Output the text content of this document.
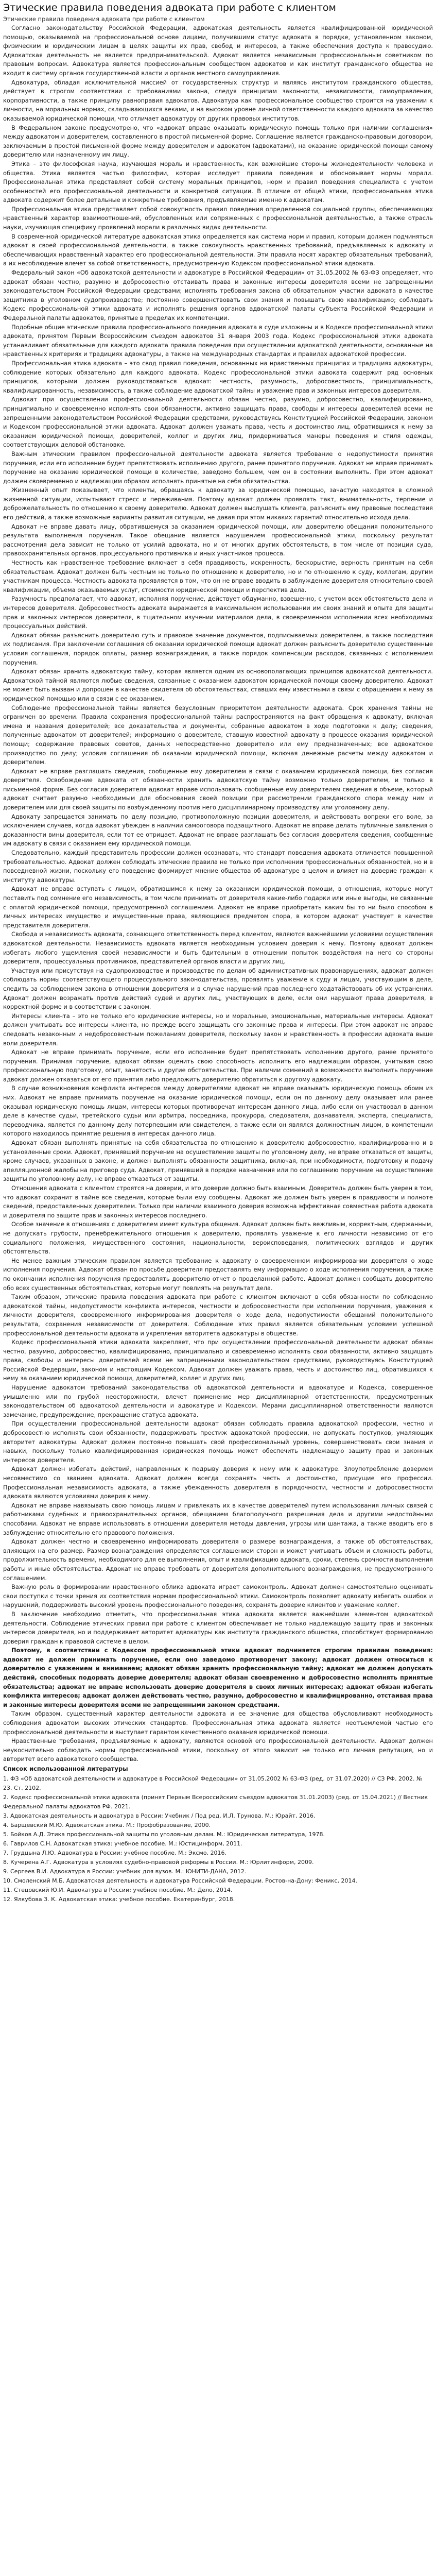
Этические правила поведения адвоката при работе с клиентом
Этические правила поведения адвоката при работе с клиентом

Согласно законодательству Российской Федерации, адвокатская деятельность является квалифицированной юридической помощью, оказываемой на профессиональной основе лицами, получившими статус адвоката в порядке, установленном законом, физическим и юридическим лицам в целях защиты их прав, свобод и интересов, а также обеспечения доступа к правосудию. Адвокатская деятельность не является предпринимательской. Адвокат является независимым профессиональным советником по правовым вопросам. Адвокатура является профессиональным сообществом адвокатов и как институт гражданского общества не входит в систему органов государственной власти и органов местного самоуправления.

Адвокатура, обладая исключительной миссией от государственных структур и являясь институтом гражданского общества, действует в строгом соответствии с требованиями закона, следуя принципам законности, независимости, самоуправления, корпоративности, а также принципу равноправия адвокатов. Адвокатура как профессиональное сообщество строится на уважении к личности, на моральных нормах, складывающихся веками, и на высоком уровне личной ответственности каждого адвоката за качество оказываемой юридической помощи, что отличает адвокатуру от других правовых институтов.

В Федеральном законе предусмотрено, что «адвокат вправе оказывать юридическую помощь только при наличии соглашения» между адвокатом и доверителем, составленного в простой письменной форме. Соглашение является гражданско-правовым договором, заключаемым в простой письменной форме между доверителем и адвокатом (адвокатами), на оказание юридической помощи самому доверителю или назначенному им лицу.

Этика – это философская наука, изучающая мораль и нравственность, как важнейшие стороны жизнедеятельности человека и общества. Этика является частью философии, которая исследует правила поведения и обосновывает нормы морали. Профессиональная этика представляет собой систему моральных принципов, норм и правил поведения специалиста с учетом особенностей его профессиональной деятельности и конкретной ситуации. В отличие от общей этики, профессиональная этика адвоката содержит более детальные и конкретные требования, предъявляемые именно к адвокатам.

Профессиональная этика представляет собой совокупность правил поведения определенной социальной группы, обеспечивающих нравственный характер взаимоотношений, обусловленных или сопряженных с профессиональной деятельностью, а также отрасль науки, изучающая специфику проявлений морали в различных видах деятельности.

В современной юридической литературе адвокатская этика определяется как система норм и правил, которым должен подчиняться адвокат в своей профессиональной деятельности, а также совокупность нравственных требований, предъявляемых к адвокату и обеспечивающих нравственный характер его профессиональной деятельности. Эти правила носят характер обязательных требований, а их несоблюдение влечет за собой ответственность, предусмотренную Кодексом профессиональной этики адвоката.

Федеральный закон «Об адвокатской деятельности и адвокатуре в Российской Федерации» от 31.05.2002 № 63-ФЗ определяет, что адвокат обязан честно, разумно и добросовестно отстаивать права и законные интересы доверителя всеми не запрещенными законодательством Российской Федерации средствами; исполнять требования закона об обязательном участии адвоката в качестве защитника в уголовном судопроизводстве; постоянно совершенствовать свои знания и повышать свою квалификацию; соблюдать Кодекс профессиональной этики адвоката и исполнять решения органов адвокатской палаты субъекта Российской Федерации и Федеральной палаты адвокатов, принятые в пределах их компетенции.

Подобные общие этические правила профессионального поведения адвоката в суде изложены и в Кодексе профессиональной этики адвоката, принятом Первым Всероссийским съездом адвокатов 31 января 2003 года. Кодекс профессиональной этики адвоката устанавливает обязательные для каждого адвоката правила поведения при осуществлении адвокатской деятельности, основанные на нравственных критериях и традициях адвокатуры, а также на международных стандартах и правилах адвокатской профессии.

Профессиональная этика адвоката – это свод правил поведения, основанных на нравственных принципах и традициях адвокатуры, соблюдение которых обязательно для каждого адвоката. Кодекс профессиональной этики адвоката содержит ряд основных принципов, которыми должен руководствоваться адвокат: честность, разумность, добросовестность, принципиальность, квалифицированность, независимость, а также соблюдение адвокатской тайны и уважение прав и законных интересов доверителя.

Адвокат при осуществлении профессиональной деятельности обязан честно, разумно, добросовестно, квалифицированно, принципиально и своевременно исполнять свои обязанности, активно защищать права, свободы и интересы доверителей всеми не запрещенными законодательством Российской Федерации средствами, руководствуясь Конституцией Российской Федерации, законом и Кодексом профессиональной этики адвоката. Адвокат должен уважать права, честь и достоинство лиц, обратившихся к нему за оказанием юридической помощи, доверителей, коллег и других лиц, придерживаться манеры поведения и стиля одежды, соответствующих деловой обстановке.

Важным этическим правилом профессиональной деятельности адвоката является требование о недопустимости принятия поручения, если его исполнение будет препятствовать исполнению другого, ранее принятого поручения. Адвокат не вправе принимать поручение на оказание юридической помощи в количестве, заведомо большем, чем он в состоянии выполнить. При этом адвокат должен своевременно и надлежащим образом исполнять принятые на себя обязательства.

Жизненный опыт показывает, что клиенты, обращаясь к адвокату за юридической помощью, зачастую находятся в сложной жизненной ситуации, испытывают стресс и переживания. Поэтому адвокат должен проявлять такт, внимательность, терпение и доброжелательность по отношению к своему доверителю. Адвокат должен выслушать клиента, разъяснить ему правовые последствия его действий, а также возможные варианты развития ситуации, не давая при этом никаких гарантий относительно исхода дела.

Адвокат не вправе давать лицу, обратившемуся за оказанием юридической помощи, или доверителю обещания положительного результата выполнения поручения. Такое обещание является нарушением профессиональной этики, поскольку результат рассмотрения дела зависит не только от усилий адвоката, но и от многих других обстоятельств, в том числе от позиции суда, правоохранительных органов, процессуального противника и иных участников процесса.

Честность как нравственное требование включает в себя правдивость, искренность, бескорыстие, верность принятым на себя обязательствам. Адвокат должен быть честным не только по отношению к доверителю, но и по отношению к суду, коллегам, другим участникам процесса. Честность адвоката проявляется в том, что он не вправе вводить в заблуждение доверителя относительно своей квалификации, объема оказываемых услуг, стоимости юридической помощи и перспектив дела.

Разумность предполагает, что адвокат, исполняя поручение, действует обдуманно, взвешенно, с учетом всех обстоятельств дела и интересов доверителя. Добросовестность адвоката выражается в максимальном использовании им своих знаний и опыта для защиты прав и законных интересов доверителя, в тщательном изучении материалов дела, в своевременном исполнении всех необходимых процессуальных действий.

Адвокат обязан разъяснить доверителю суть и правовое значение документов, подписываемых доверителем, а также последствия их подписания. При заключении соглашения об оказании юридической помощи адвокат должен разъяснить доверителю существенные условия соглашения, порядок оплаты, размер вознаграждения, а также порядок компенсации расходов, связанных с исполнением поручения.

Адвокат обязан хранить адвокатскую тайну, которая является одним из основополагающих принципов адвокатской деятельности. Адвокатской тайной являются любые сведения, связанные с оказанием адвокатом юридической помощи своему доверителю. Адвокат не может быть вызван и допрошен в качестве свидетеля об обстоятельствах, ставших ему известными в связи с обращением к нему за юридической помощью или в связи с ее оказанием.

Соблюдение профессиональной тайны является безусловным приоритетом деятельности адвоката. Срок хранения тайны не ограничен во времени. Правила сохранения профессиональной тайны распространяются на факт обращения к адвокату, включая имена и названия доверителей; все доказательства и документы, собранные адвокатом в ходе подготовки к делу; сведения, полученные адвокатом от доверителей; информацию о доверителе, ставшую известной адвокату в процессе оказания юридической помощи; содержание правовых советов, данных непосредственно доверителю или ему предназначенных; все адвокатское производство по делу; условия соглашения об оказании юридической помощи, включая денежные расчеты между адвокатом и доверителем.

Адвокат не вправе разглашать сведения, сообщенные ему доверителем в связи с оказанием юридической помощи, без согласия доверителя. Освобождение адвоката от обязанности хранить адвокатскую тайну возможно только доверителем, и только в письменной форме. Без согласия доверителя адвокат вправе использовать сообщенные ему доверителем сведения в объеме, который адвокат считает разумно необходимым для обоснования своей позиции при рассмотрении гражданского спора между ним и доверителем или для своей защиты по возбужденному против него дисциплинарному производству или уголовному делу.

Адвокату запрещается занимать по делу позицию, противоположную позиции доверителя, и действовать вопреки его воле, за исключением случаев, когда адвокат убежден в наличии самооговора подзащитного. Адвокат не вправе делать публичные заявления о доказанности вины доверителя, если тот ее отрицает. Адвокат не вправе разглашать без согласия доверителя сведения, сообщенные им адвокату в связи с оказанием ему юридической помощи.

Следовательно, каждый представитель профессии должен осознавать, что стандарт поведения адвоката отличается повышенной требовательностью. Адвокат должен соблюдать этические правила не только при исполнении профессиональных обязанностей, но и в повседневной жизни, поскольку его поведение формирует мнение общества об адвокатуре в целом и влияет на доверие граждан к институту адвокатуры.

Адвокат не вправе вступать с лицом, обратившимся к нему за оказанием юридической помощи, в отношения, которые могут поставить под сомнение его независимость, в том числе принимать от доверителя какие-либо подарки или иные выгоды, не связанные с оплатой юридической помощи, предусмотренной соглашением. Адвокат не вправе приобретать каким бы то ни было способом в личных интересах имущество и имущественные права, являющиеся предметом спора, в котором адвокат участвует в качестве представителя доверителя.

Свобода и независимость адвоката, сознающего ответственность перед клиентом, являются важнейшими условиями осуществления адвокатской деятельности. Независимость адвоката является необходимым условием доверия к нему. Поэтому адвокат должен избегать любого ущемления своей независимости и быть бдительным в отношении попыток воздействия на него со стороны доверителя, процессуальных противников, представителей органов власти и других лиц.

Участвуя или присутствуя на судопроизводстве и производстве по делам об административных правонарушениях, адвокат должен соблюдать нормы соответствующего процессуального законодательства, проявлять уважение к суду и лицам, участвующим в деле, следить за соблюдением закона в отношении доверителя и в случае нарушений прав последнего ходатайствовать об их устранении. Адвокат должен возражать против действий судей и других лиц, участвующих в деле, если они нарушают права доверителя, в корректной форме и в соответствии с законом.

Интересы клиента – это не только его юридические интересы, но и моральные, эмоциональные, материальные интересы. Адвокат должен учитывать все интересы клиента, но прежде всего защищать его законные права и интересы. При этом адвокат не вправе следовать незаконным и недобросовестным пожеланиям доверителя, поскольку закон и нравственность в профессии адвоката выше воли доверителя.

Адвокат не вправе принимать поручение, если его исполнение будет препятствовать исполнению другого, ранее принятого поручения. Принимая поручение, адвокат обязан оценить свою способность исполнить его надлежащим образом, учитывая свою профессиональную подготовку, опыт, занятость и другие обстоятельства. При наличии сомнений в возможности выполнить поручение адвокат должен отказаться от его принятия либо предложить доверителю обратиться к другому адвокату.

В случае возникновения конфликта интересов между доверителями адвокат не вправе оказывать юридическую помощь обоим из них. Адвокат не вправе принимать поручение на оказание юридической помощи, если он по данному делу оказывает или ранее оказывал юридическую помощь лицам, интересы которых противоречат интересам данного лица, либо если он участвовал в данном деле в качестве судьи, третейского судьи или арбитра, посредника, прокурора, следователя, дознавателя, эксперта, специалиста, переводчика, является по данному делу потерпевшим или свидетелем, а также если он являлся должностным лицом, в компетенции которого находилось принятие решения в интересах данного лица.

Адвокат обязан выполнять принятые на себя обязательства по отношению к доверителю добросовестно, квалифицированно и в установленные сроки. Адвокат, принявший поручение на осуществление защиты по уголовному делу, не вправе отказаться от защиты, кроме случаев, указанных в законе, и должен выполнять обязанности защитника, включая, при необходимости, подготовку и подачу апелляционной жалобы на приговор суда. Адвокат, принявший в порядке назначения или по соглашению поручение на осуществление защиты по уголовному делу, не вправе отказаться от защиты.

Отношения адвоката с клиентом строятся на доверии, и это доверие должно быть взаимным. Доверитель должен быть уверен в том, что адвокат сохранит в тайне все сведения, которые были ему сообщены. Адвокат же должен быть уверен в правдивости и полноте сведений, предоставленных доверителем. Только при наличии взаимного доверия возможна эффективная совместная работа адвоката и доверителя по защите прав и законных интересов последнего.

Особое значение в отношениях с доверителем имеет культура общения. Адвокат должен быть вежливым, корректным, сдержанным, не допускать грубости, пренебрежительного отношения к доверителю, проявлять уважение к его личности независимо от его социального положения, имущественного состояния, национальности, вероисповедания, политических взглядов и других обстоятельств.

Не менее важным этическим правилом является требование к адвокату о своевременном информировании доверителя о ходе исполнения поручения. Адвокат обязан по просьбе доверителя предоставлять ему информацию о ходе исполнения поручения, а также по окончании исполнения поручения предоставлять доверителю отчет о проделанной работе. Адвокат должен сообщать доверителю обо всех существенных обстоятельствах, которые могут повлиять на результат дела.

Таким образом, этические правила поведения адвоката при работе с клиентом включают в себя обязанности по соблюдению адвокатской тайны, недопустимости конфликта интересов, честности и добросовестности при исполнении поручения, уважения к личности доверителя, своевременного информирования доверителя о ходе дела, недопустимости обещаний положительного результата, сохранения независимости от доверителя. Соблюдение этих правил является обязательным условием успешной профессиональной деятельности адвоката и укрепления авторитета адвокатуры в обществе.

Кодекс профессиональной этики адвоката закрепляет, что при осуществлении профессиональной деятельности адвокат обязан честно, разумно, добросовестно, квалифицированно, принципиально и своевременно исполнять свои обязанности, активно защищать права, свободы и интересы доверителей всеми не запрещенными законодательством средствами, руководствуясь Конституцией Российской Федерации, законом и настоящим Кодексом. Адвокат должен уважать права, честь и достоинство лиц, обратившихся к нему за оказанием юридической помощи, доверителей, коллег и других лиц.

Нарушение адвокатом требований законодательства об адвокатской деятельности и адвокатуре и Кодекса, совершенное умышленно или по грубой неосторожности, влечет применение мер дисциплинарной ответственности, предусмотренных законодательством об адвокатской деятельности и адвокатуре и Кодексом. Мерами дисциплинарной ответственности являются замечание, предупреждение, прекращение статуса адвоката.

При осуществлении профессиональной деятельности адвокат обязан соблюдать правила адвокатской профессии, честно и добросовестно исполнять свои обязанности, поддерживать престиж адвокатской профессии, не допускать поступков, умаляющих авторитет адвокатуры. Адвокат должен постоянно повышать свой профессиональный уровень, совершенствовать свои знания и навыки, поскольку только квалифицированная юридическая помощь может обеспечить надлежащую защиту прав и законных интересов доверителя.

Адвокат должен избегать действий, направленных к подрыву доверия к нему или к адвокатуре. Злоупотребление доверием несовместимо со званием адвоката. Адвокат должен всегда сохранять честь и достоинство, присущие его профессии. Профессиональная независимость адвоката, а также убежденность доверителя в порядочности, честности и добросовестности адвоката являются условиями доверия к нему.

Адвокат не вправе навязывать свою помощь лицам и привлекать их в качестве доверителей путем использования личных связей с работниками судебных и правоохранительных органов, обещанием благополучного разрешения дела и другими недостойными способами. Адвокат не вправе использовать в отношении доверителя методы давления, угрозы или шантажа, а также вводить его в заблуждение относительно его правового положения.

Адвокат должен честно и своевременно информировать доверителя о размере вознаграждения, а также об обстоятельствах, влияющих на его размер. Размер вознаграждения определяется соглашением сторон и может учитывать объем и сложность работы, продолжительность времени, необходимого для ее выполнения, опыт и квалификацию адвоката, сроки, степень срочности выполнения работы и иные обстоятельства. Адвокат не вправе требовать от доверителя дополнительного вознаграждения, не предусмотренного соглашением.

Важную роль в формировании нравственного облика адвоката играет самоконтроль. Адвокат должен самостоятельно оценивать свои поступки с точки зрения их соответствия нормам профессиональной этики. Самоконтроль позволяет адвокату избегать ошибок и нарушений, поддерживать высокий уровень профессионального поведения, сохранять доверие клиентов и уважение коллег.

В заключение необходимо отметить, что профессиональная этика адвоката является важнейшим элементом адвокатской деятельности. Соблюдение этических правил при работе с клиентом обеспечивает не только надлежащую защиту прав и законных интересов доверителя, но и поддерживает авторитет адвокатуры как института гражданского общества, способствует формированию доверия граждан к правовой системе в целом.

Поэтому, в соответствии с Кодексом профессиональной этики адвокат подчиняется строгим правилам поведения: адвокат не должен принимать поручение, если оно заведомо противоречит закону; адвокат должен относиться к доверителю с уважением и вниманием; адвокат обязан хранить профессиональную тайну; адвокат не должен допускать действий, способных подорвать доверие доверителя; адвокат обязан своевременно и добросовестно исполнять принятые обязательства; адвокат не вправе использовать доверие доверителя в своих личных интересах; адвокат обязан избегать конфликта интересов; адвокат должен действовать честно, разумно, добросовестно и квалифицированно, отстаивая права и законные интересы доверителя всеми не запрещенными законом средствами.

Таким образом, существенный характер деятельности адвоката и ее значение для общества обусловливают необходимость соблюдения адвокатом высоких этических стандартов. Профессиональная этика адвоката является неотъемлемой частью его профессиональной деятельности и выступает гарантом качественного оказания юридической помощи.

Нравственные требования, предъявляемые к адвокату, являются основой его профессиональной деятельности. Адвокат должен неукоснительно соблюдать нормы профессиональной этики, поскольку от этого зависит не только его личная репутация, но и авторитет всего адвокатского сообщества.

Список использованной литературы

1. ФЗ «Об адвокатской деятельности и адвокатуре в Российской Федерации» от 31.05.2002 № 63-ФЗ (ред. от 31.07.2020) // СЗ РФ. 2002. № 23. Ст. 2102.

2. Кодекс профессиональной этики адвоката (принят Первым Всероссийским съездом адвокатов 31.01.2003) (ред. от 15.04.2021) // Вестник Федеральной палаты адвокатов РФ. 2021.

3. Адвокатская деятельность и адвокатура в России: Учебник / Под ред. И.Л. Трунова. М.: Юрайт, 2016.

4. Барщевский М.Ю. Адвокатская этика. М.: Профобразование, 2000.

5. Бойков А.Д. Этика профессиональной защиты по уголовным делам. М.: Юридическая литература, 1978.

6. Гаврилов С.Н. Адвокатская этика: учебное пособие. М.: Юстицинформ, 2011.

7. Грудцына Л.Ю. Адвокатура в России: учебное пособие. М.: Эксмо, 2016.

8. Кучерена А.Г. Адвокатура в условиях судебно-правовой реформы в России. М.: Юрлитинформ, 2009.

9. Сергеев В.И. Адвокатура в России: учебник для вузов. М.: ЮНИТИ-ДАНА, 2012.

10. Смоленский М.Б. Адвокатская деятельность и адвокатура Российской Федерации. Ростов-на-Дону: Феникс, 2014.

11. Стецовский Ю.И. Адвокатура в России: учебное пособие. М.: Дело, 2014.

12. Ялкубова З. К. Адвокатская этика: учебное пособие. Екатеринбург, 2018.
